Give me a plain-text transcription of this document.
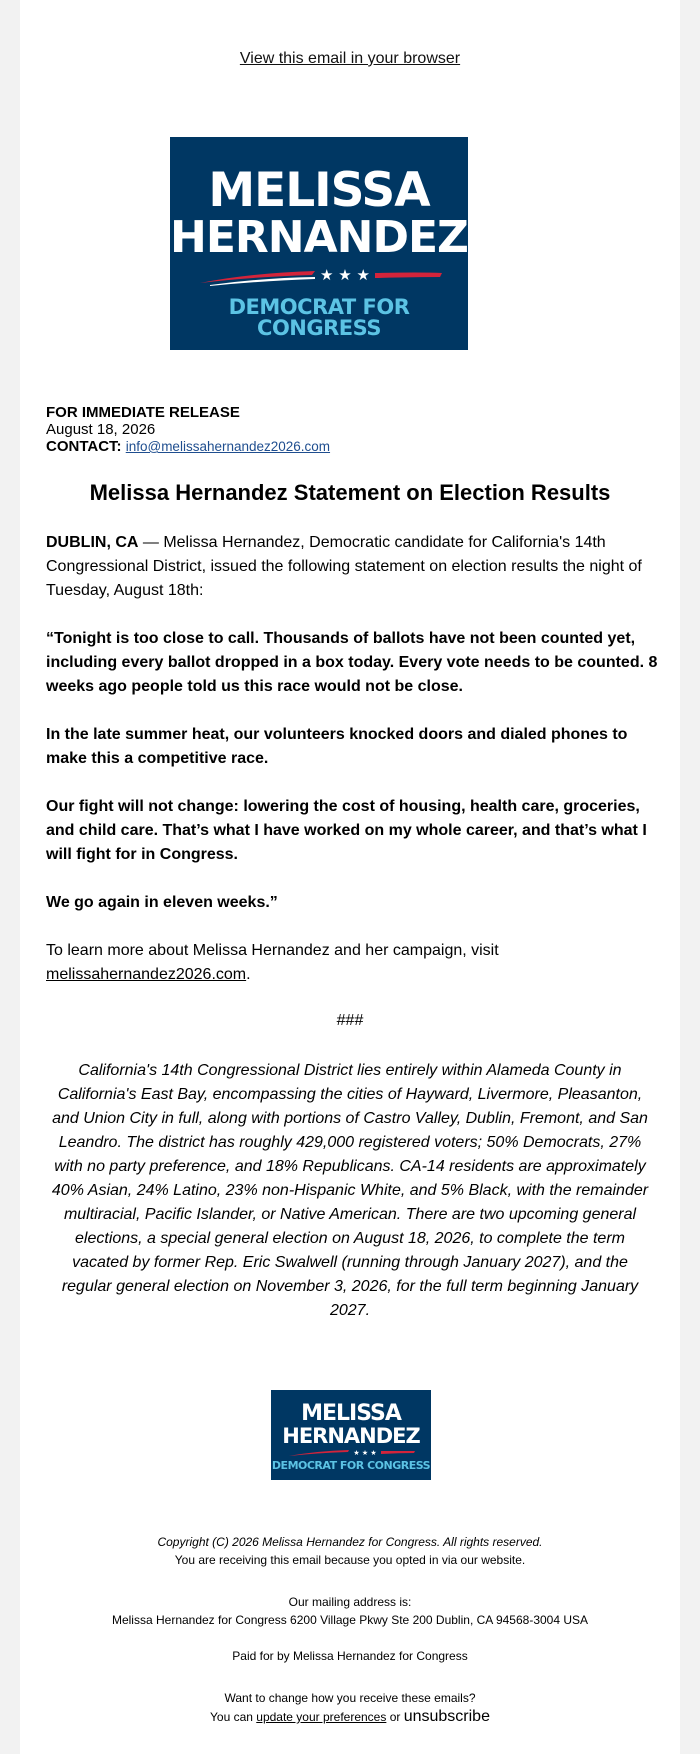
View this email in your browser
MELISSA
HERNANDEZ
★ ★ ★
DEMOCRAT FOR CONGRESS
FOR IMMEDIATE RELEASE
August 18, 2026
CONTACT: info@melissahernandez2026.com
Melissa Hernandez Statement on Election Results
DUBLIN, CA — Melissa Hernandez, Democratic candidate for California's 14th Congressional District, issued the following statement on election results the night of Tuesday, August 18th:
“Tonight is too close to call. Thousands of ballots have not been counted yet, including every ballot dropped in a box today. Every vote needs to be counted. 8 weeks ago people told us this race would not be close.
In the late summer heat, our volunteers knocked doors and dialed phones to make this a competitive race.
Our fight will not change: lowering the cost of housing, health care, groceries, and child care. That’s what I have worked on my whole career, and that’s what I will fight for in Congress.
We go again in eleven weeks.”
To learn more about Melissa Hernandez and her campaign, visit melissahernandez2026.com.
###
California's 14th Congressional District lies entirely within Alameda County in California's East Bay, encompassing the cities of Hayward, Livermore, Pleasanton, and Union City in full, along with portions of Castro Valley, Dublin, Fremont, and San Leandro. The district has roughly 429,000 registered voters; 50% Democrats, 27% with no party preference, and 18% Republicans. CA-14 residents are approximately 40% Asian, 24% Latino, 23% non-Hispanic White, and 5% Black, with the remainder multiracial, Pacific Islander, or Native American. There are two upcoming general elections, a special general election on August 18, 2026, to complete the term vacated by former Rep. Eric Swalwell (running through January 2027), and the regular general election on November 3, 2026, for the full term beginning January 2027.
MELISSA
HERNANDEZ
★ ★ ★
DEMOCRAT FOR CONGRESS
Copyright (C) 2026 Melissa Hernandez for Congress. All rights reserved.
You are receiving this email because you opted in via our website.
Our mailing address is:
Melissa Hernandez for Congress 6200 Village Pkwy Ste 200 Dublin, CA 94568-3004 USA
Paid for by Melissa Hernandez for Congress
Want to change how you receive these emails?
You can update your preferences or unsubscribe
